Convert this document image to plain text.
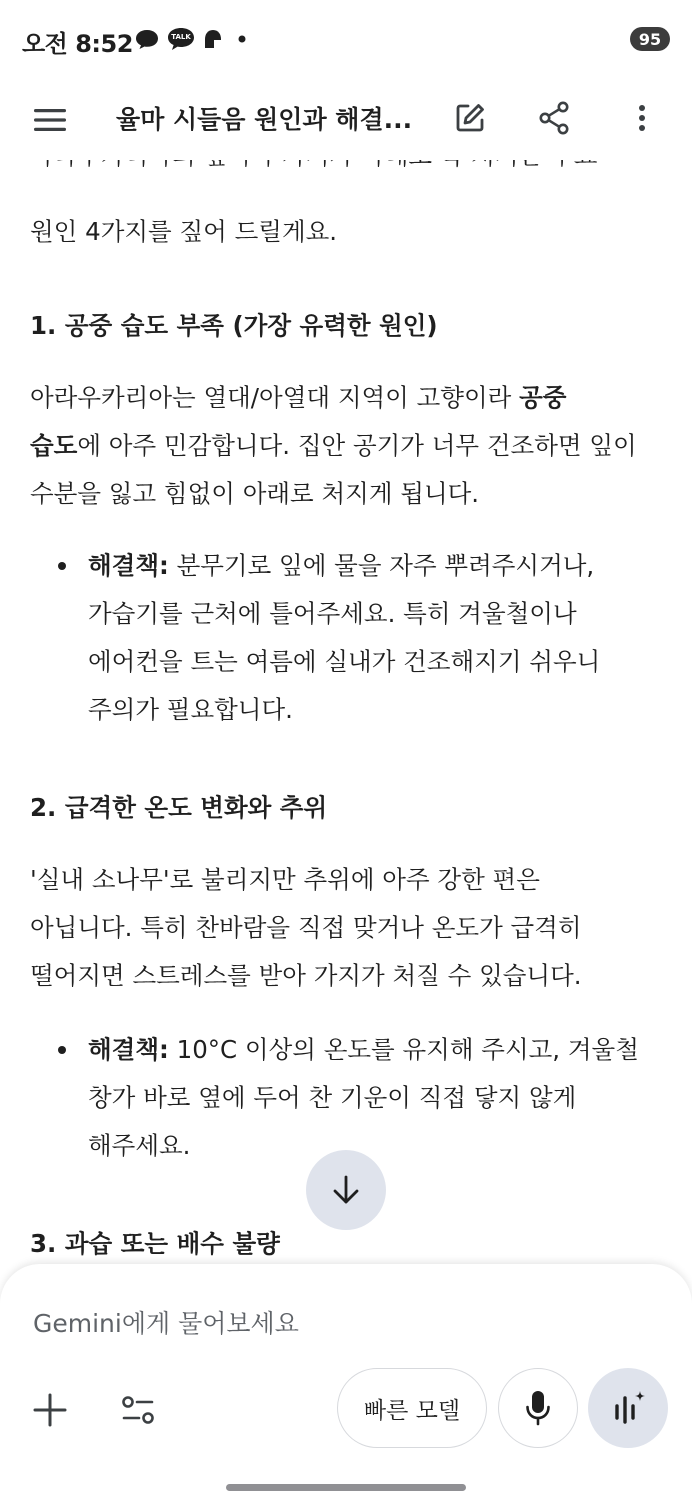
오전 8:52	TALK	95
율마 시들음 원인과 해결...
원인 4가지를 짚어 드릴게요.
1. 공중 습도 부족 (가장 유력한 원인)
아라우카리아는 열대/아열대 지역이 고향이라 공중
습도에 아주 민감합니다. 집안 공기가 너무 건조하면 잎이
수분을 잃고 힘없이 아래로 처지게 됩니다.
해결책: 분무기로 잎에 물을 자주 뿌려주시거나,
가습기를 근처에 틀어주세요. 특히 겨울철이나
에어컨을 트는 여름에 실내가 건조해지기 쉬우니
주의가 필요합니다.
2. 급격한 온도 변화와 추위
'실내 소나무'로 불리지만 추위에 아주 강한 편은
아닙니다. 특히 찬바람을 직접 맞거나 온도가 급격히
떨어지면 스트레스를 받아 가지가 처질 수 있습니다.
해결책: 10°C 이상의 온도를 유지해 주시고, 겨울철
창가 바로 옆에 두어 찬 기운이 직접 닿지 않게
해주세요.
3. 과습 또는 배수 불량
Gemini에게 물어보세요
빠른 모델
